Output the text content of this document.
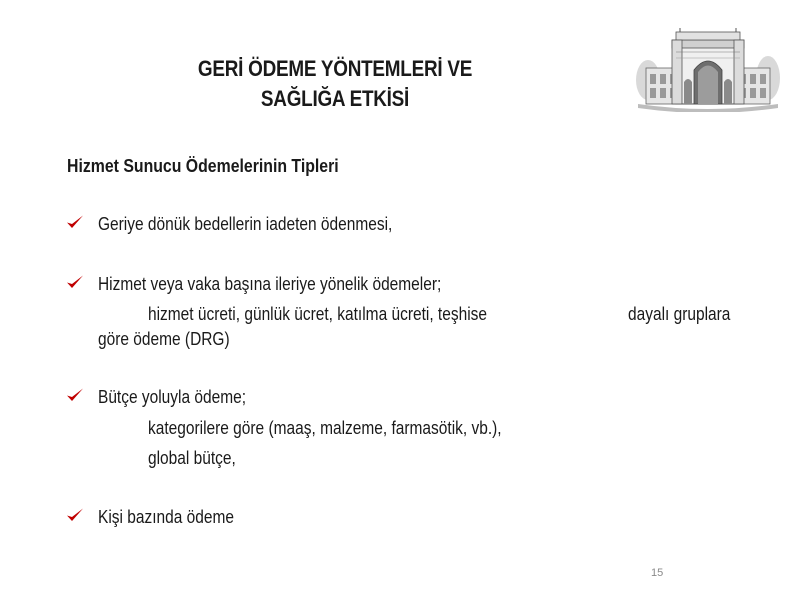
GERİ ÖDEME YÖNTEMLERİ VE
SAĞLIĞA ETKİSİ
Hizmet Sunucu Ödemelerinin Tipleri
Geriye dönük bedellerin iadeten ödenmesi,
Hizmet veya vaka başına ileriye yönelik ödemeler;
hizmet ücreti, günlük ücret, katılma ücreti, teşhise	dayalı gruplara
göre ödeme (DRG)
Bütçe yoluyla ödeme;
kategorilere göre (maaş, malzeme, farmasötik, vb.),
global bütçe,
Kişi bazında ödeme
15
